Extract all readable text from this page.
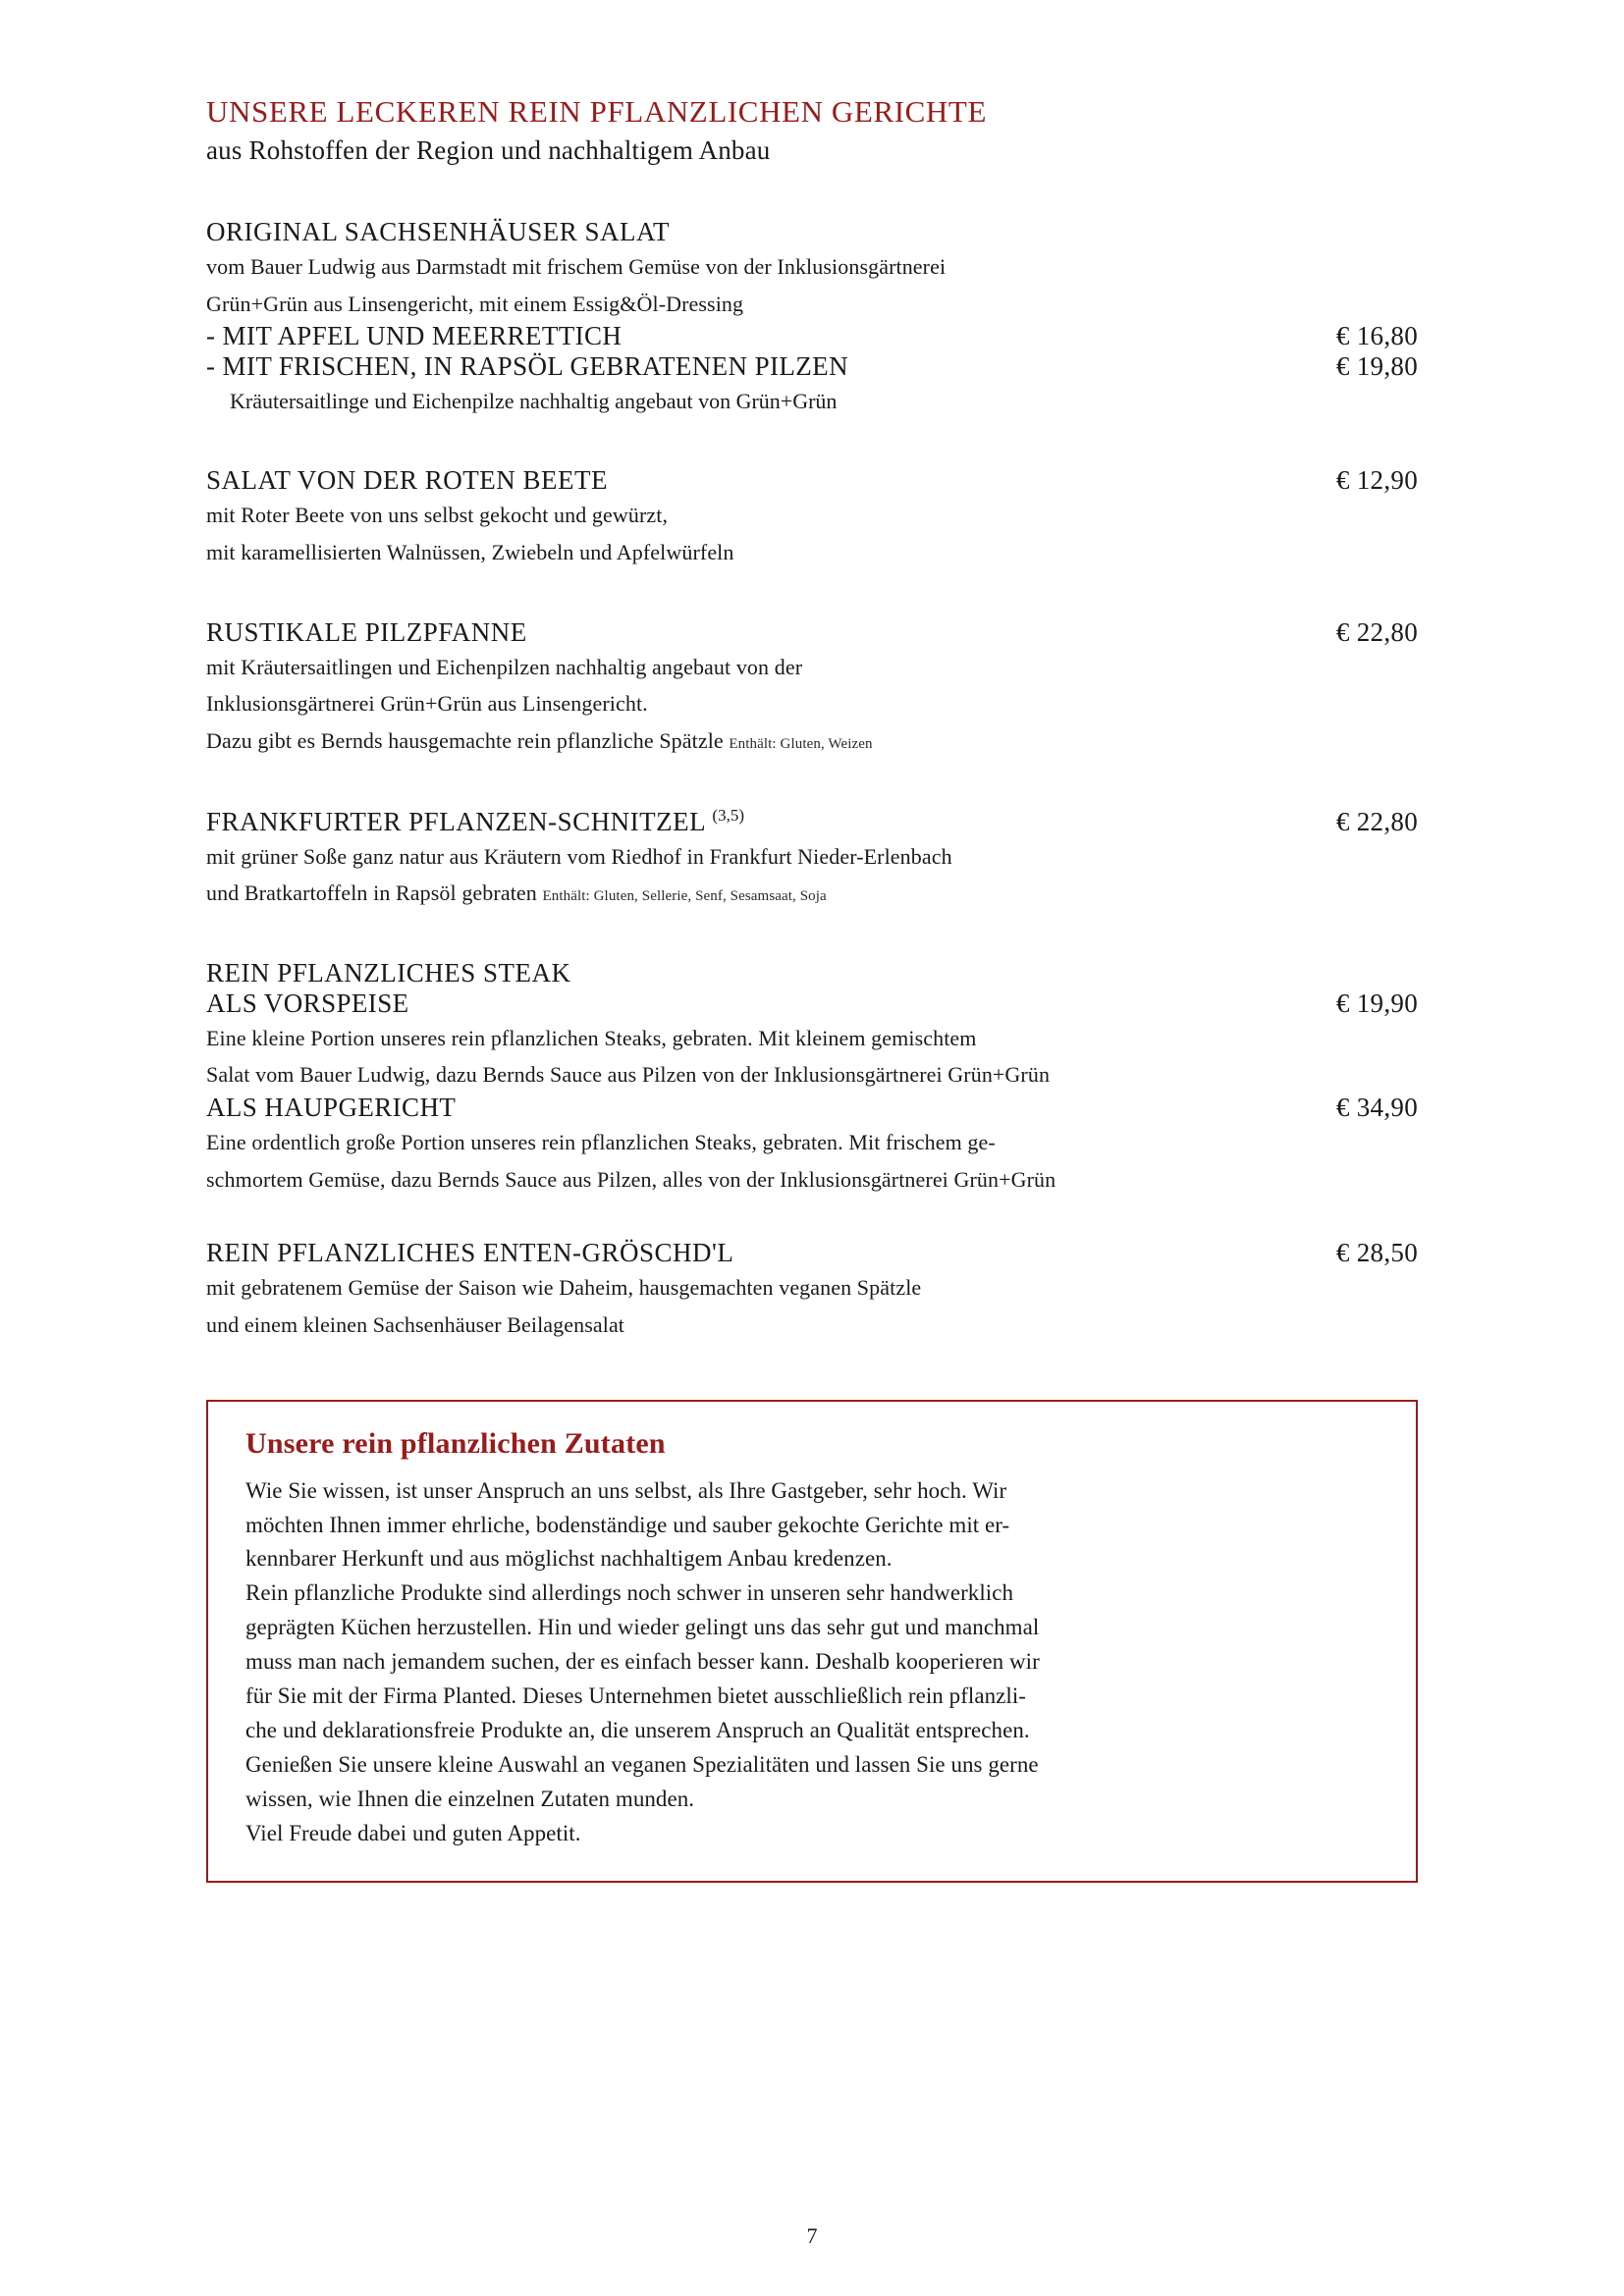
UNSERE LECKEREN REIN PFLANZLICHEN GERICHTE

aus Rohstoffen der Region und nachhaltigem Anbau

ORIGINAL SACHSENHÄUSER SALAT

vom Bauer Ludwig aus Darmstadt mit frischem Gemüse von der Inklusionsgärtnerei

Grün+Grün aus Linsengericht, mit einem Essig&Öl-Dressing

- MIT APFEL UND MEERRETTICH	€ 16,80
- MIT FRISCHEN, IN RAPSÖL GEBRATENEN PILZEN	€ 19,80

Kräutersaitlinge und Eichenpilze nachhaltig angebaut von Grün+Grün

SALAT VON DER ROTEN BEETE	€ 12,90

mit Roter Beete von uns selbst gekocht und gewürzt,

mit karamellisierten Walnüssen, Zwiebeln und Apfelwürfeln

RUSTIKALE PILZPFANNE	€ 22,80

mit Kräutersaitlingen und Eichenpilzen nachhaltig angebaut von der

Inklusionsgärtnerei Grün+Grün aus Linsengericht.

Dazu gibt es Bernds hausgemachte rein pflanzliche Spätzle Enthält: Gluten, Weizen

FRANKFURTER PFLANZEN-SCHNITZEL $^{(3,5)}$	€ 22,80

mit grüner Soße ganz natur aus Kräutern vom Riedhof in Frankfurt Nieder-Erlenbach

und Bratkartoffeln in Rapsöl gebraten Enthält: Gluten, Sellerie, Senf, Sesamsaat, Soja

REIN PFLANZLICHES STEAK
ALS VORSPEISE	€ 19,90

Eine kleine Portion unseres rein pflanzlichen Steaks, gebraten. Mit kleinem gemischtem

Salat vom Bauer Ludwig, dazu Bernds Sauce aus Pilzen von der Inklusionsgärtnerei Grün+Grün

ALS HAUPGERICHT	€ 34,90

Eine ordentlich große Portion unseres rein pflanzlichen Steaks, gebraten. Mit frischem ge-

schmortem Gemüse, dazu Bernds Sauce aus Pilzen, alles von der Inklusionsgärtnerei Grün+Grün

REIN PFLANZLICHES ENTEN-GRÖSCHD'L	€ 28,50

mit gebratenem Gemüse der Saison wie Daheim, hausgemachten veganen Spätzle

und einem kleinen Sachsenhäuser Beilagensalat

Unsere rein pflanzlichen Zutaten

Wie Sie wissen, ist unser Anspruch an uns selbst, als Ihre Gastgeber, sehr hoch. Wir

möchten Ihnen immer ehrliche, bodenständige und sauber gekochte Gerichte mit er-

kennbarer Herkunft und aus möglichst nachhaltigem Anbau kredenzen.

Rein pflanzliche Produkte sind allerdings noch schwer in unseren sehr handwerklich

geprägten Küchen herzustellen. Hin und wieder gelingt uns das sehr gut und manchmal

muss man nach jemandem suchen, der es einfach besser kann. Deshalb kooperieren wir

für Sie mit der Firma Planted. Dieses Unternehmen bietet ausschließlich rein pflanzli-

che und deklarationsfreie Produkte an, die unserem Anspruch an Qualität entsprechen.

Genießen Sie unsere kleine Auswahl an veganen Spezialitäten und lassen Sie uns gerne

wissen, wie Ihnen die einzelnen Zutaten munden.

Viel Freude dabei und guten Appetit.

7
